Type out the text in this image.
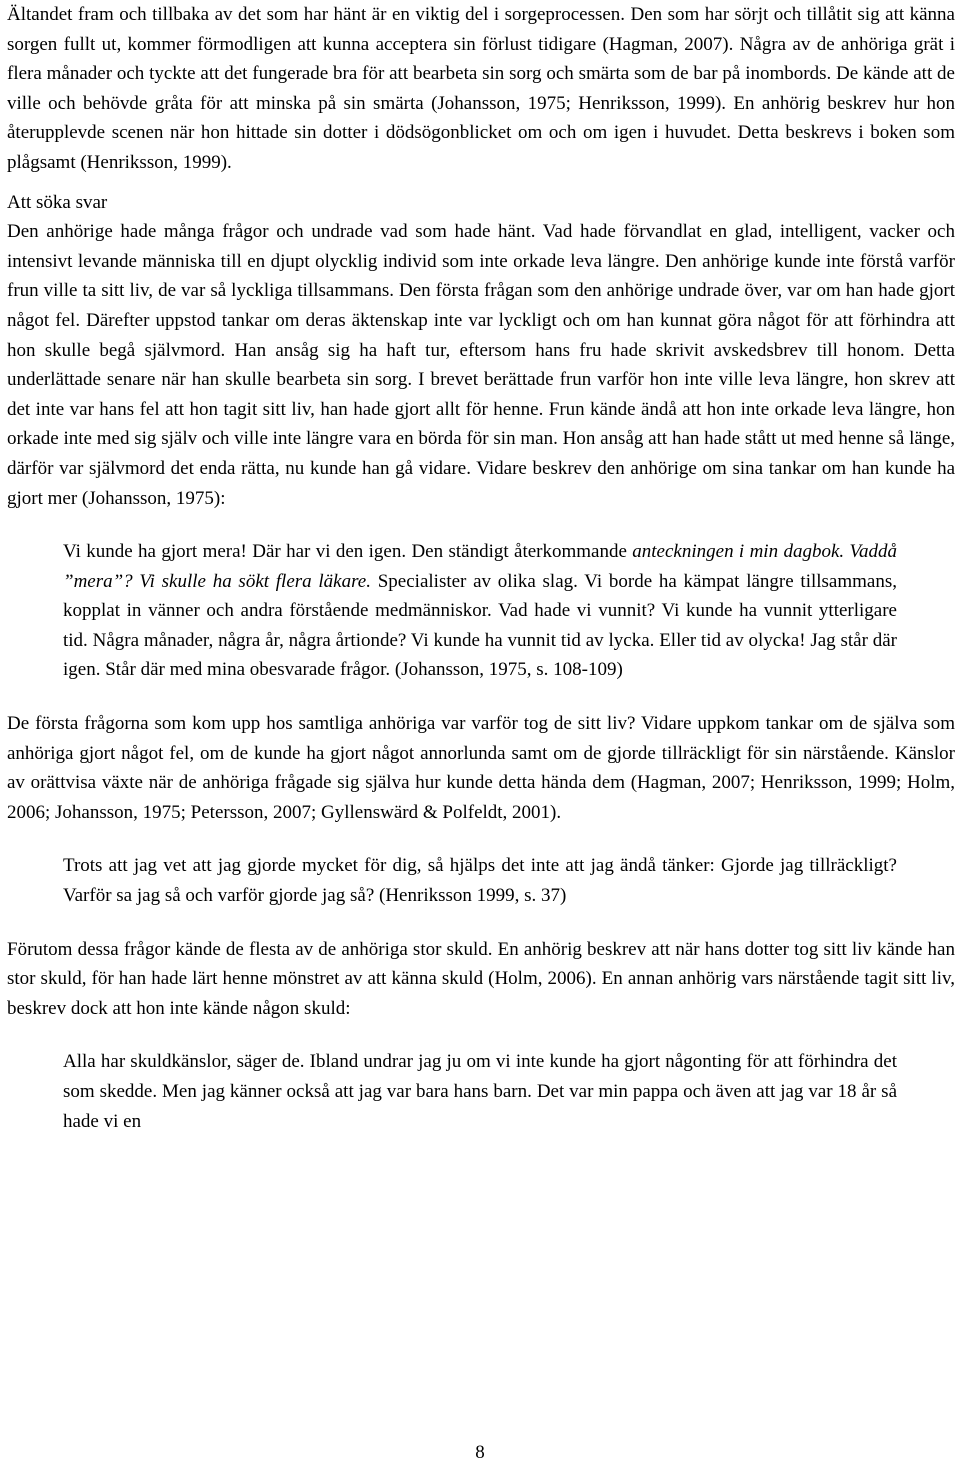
Ältandet fram och tillbaka av det som har hänt är en viktig del i sorgeprocessen. Den som har sörjt och tillåtit sig att känna sorgen fullt ut, kommer förmodligen att kunna acceptera sin förlust tidigare (Hagman, 2007). Några av de anhöriga grät i flera månader och tyckte att det fungerade bra för att bearbeta sin sorg och smärta som de bar på inombords. De kände att de ville och behövde gråta för att minska på sin smärta (Johansson, 1975; Henriksson, 1999). En anhörig beskrev hur hon återupplevde scenen när hon hittade sin dotter i dödsögonblicket om och om igen i huvudet. Detta beskrevs i boken som plågsamt (Henriksson, 1999).

Att söka svar

Den anhörige hade många frågor och undrade vad som hade hänt. Vad hade förvandlat en glad, intelligent, vacker och intensivt levande människa till en djupt olycklig individ som inte orkade leva längre. Den anhörige kunde inte förstå varför frun ville ta sitt liv, de var så lyckliga tillsammans. Den första frågan som den anhörige undrade över, var om han hade gjort något fel. Därefter uppstod tankar om deras äktenskap inte var lyckligt och om han kunnat göra något för att förhindra att hon skulle begå självmord. Han ansåg sig ha haft tur, eftersom hans fru hade skrivit avskedsbrev till honom. Detta underlättade senare när han skulle bearbeta sin sorg. I brevet berättade frun varför hon inte ville leva längre, hon skrev att det inte var hans fel att hon tagit sitt liv, han hade gjort allt för henne. Frun kände ändå att hon inte orkade leva längre, hon orkade inte med sig själv och ville inte längre vara en börda för sin man. Hon ansåg att han hade stått ut med henne så länge, därför var självmord det enda rätta, nu kunde han gå vidare. Vidare beskrev den anhörige om sina tankar om han kunde ha gjort mer (Johansson, 1975):

Vi kunde ha gjort mera! Där har vi den igen. Den ständigt återkommande anteckningen i min dagbok. Vaddå ”mera”? Vi skulle ha sökt flera läkare. Specialister av olika slag. Vi borde ha kämpat längre tillsammans, kopplat in vänner och andra förstående medmänniskor. Vad hade vi vunnit? Vi kunde ha vunnit ytterligare tid. Några månader, några år, några årtionde? Vi kunde ha vunnit tid av lycka. Eller tid av olycka! Jag står där igen. Står där med mina obesvarade frågor. (Johansson, 1975, s. 108-109)

De första frågorna som kom upp hos samtliga anhöriga var varför tog de sitt liv? Vidare uppkom tankar om de själva som anhöriga gjort något fel, om de kunde ha gjort något annorlunda samt om de gjorde tillräckligt för sin närstående. Känslor av orättvisa växte när de anhöriga frågade sig själva hur kunde detta hända dem (Hagman, 2007; Henriksson, 1999; Holm, 2006; Johansson, 1975; Petersson, 2007; Gyllenswärd & Polfeldt, 2001).

Trots att jag vet att jag gjorde mycket för dig, så hjälps det inte att jag ändå tänker: Gjorde jag tillräckligt? Varför sa jag så och varför gjorde jag så? (Henriksson 1999, s. 37)

Förutom dessa frågor kände de flesta av de anhöriga stor skuld. En anhörig beskrev att när hans dotter tog sitt liv kände han stor skuld, för han hade lärt henne mönstret av att känna skuld (Holm, 2006). En annan anhörig vars närstående tagit sitt liv, beskrev dock att hon inte kände någon skuld:

Alla har skuldkänslor, säger de. Ibland undrar jag ju om vi inte kunde ha gjort någonting för att förhindra det som skedde. Men jag känner också att jag var bara hans barn. Det var min pappa och även att jag var 18 år så hade vi en

8
